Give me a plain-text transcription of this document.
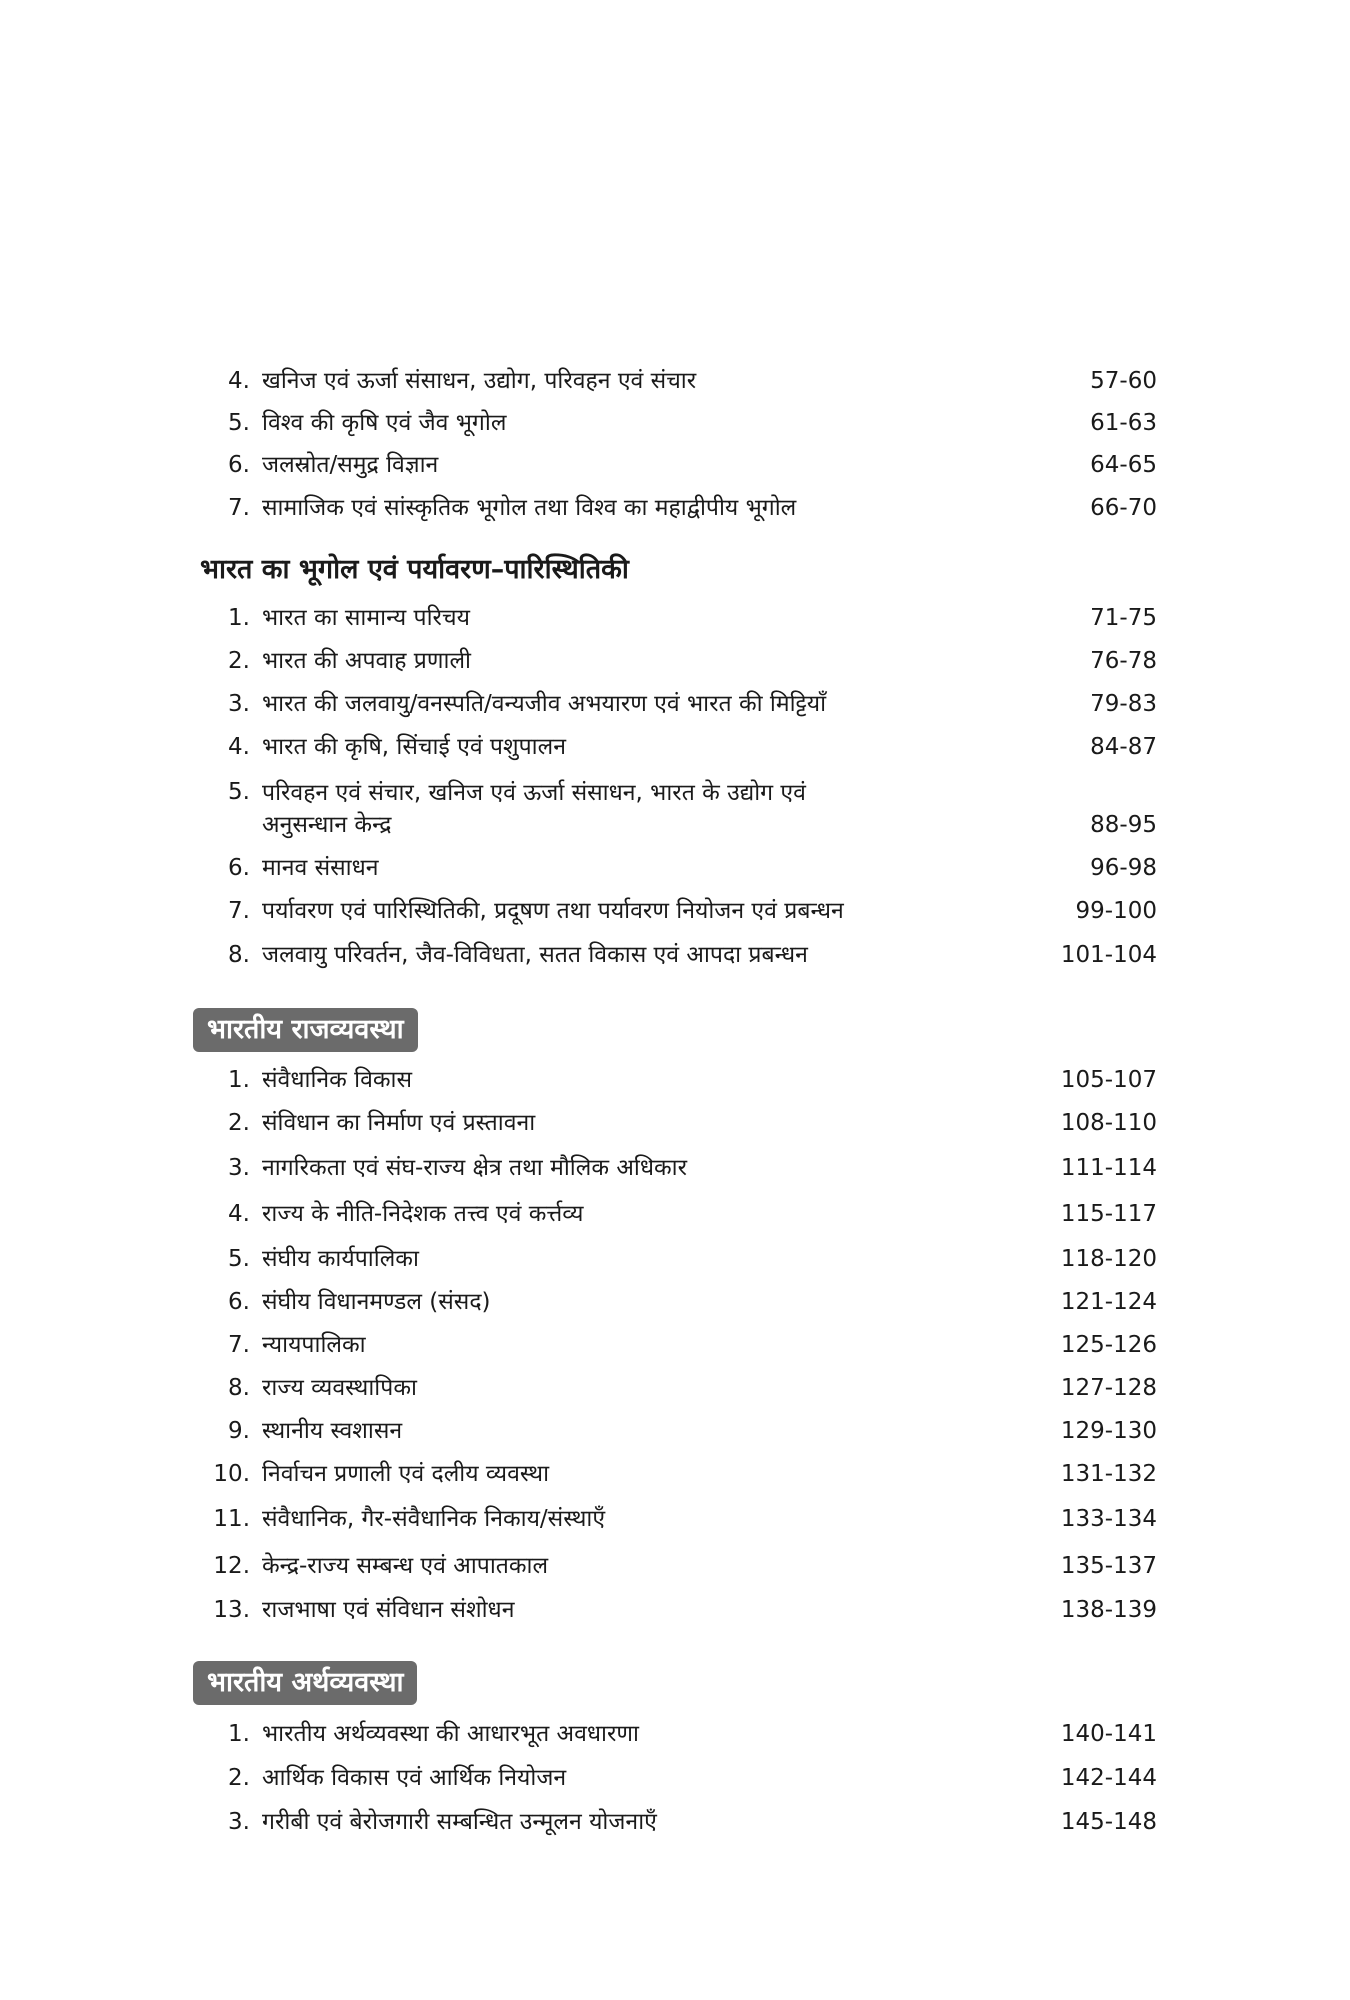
4. खनिज एवं ऊर्जा संसाधन, उद्योग, परिवहन एवं संचार	57-60
5. विश्व की कृषि एवं जैव भूगोल	61-63
6. जलस्रोत/समुद्र विज्ञान	64-65
7. सामाजिक एवं सांस्कृतिक भूगोल तथा विश्व का महाद्वीपीय भूगोल	66-70
भारत का भूगोल एवं पर्यावरण–पारिस्थितिकी
1. भारत का सामान्य परिचय	71-75
2. भारत की अपवाह प्रणाली	76-78
3. भारत की जलवायु/वनस्पति/वन्यजीव अभयारण एवं भारत की मिट्टियाँ	79-83
4. भारत की कृषि, सिंचाई एवं पशुपालन	84-87
5. परिवहन एवं संचार, खनिज एवं ऊर्जा संसाधन, भारत के उद्योग एवं
अनुसन्धान केन्द्र	88-95
6. मानव संसाधन	96-98
7. पर्यावरण एवं पारिस्थितिकी, प्रदूषण तथा पर्यावरण नियोजन एवं प्रबन्धन	99-100
8. जलवायु परिवर्तन, जैव-विविधता, सतत विकास एवं आपदा प्रबन्धन	101-104
भारतीय राजव्यवस्था
1. संवैधानिक विकास	105-107
2. संविधान का निर्माण एवं प्रस्तावना	108-110
3. नागरिकता एवं संघ-राज्य क्षेत्र तथा मौलिक अधिकार	111-114
4. राज्य के नीति-निदेशक तत्त्व एवं कर्त्तव्य	115-117
5. संघीय कार्यपालिका	118-120
6. संघीय विधानमण्डल (संसद)	121-124
7. न्यायपालिका	125-126
8. राज्य व्यवस्थापिका	127-128
9. स्थानीय स्वशासन	129-130
10. निर्वाचन प्रणाली एवं दलीय व्यवस्था	131-132
11. संवैधानिक, गैर-संवैधानिक निकाय/संस्थाएँ	133-134
12. केन्द्र-राज्य सम्बन्ध एवं आपातकाल	135-137
13. राजभाषा एवं संविधान संशोधन	138-139
भारतीय अर्थव्यवस्था
1. भारतीय अर्थव्यवस्था की आधारभूत अवधारणा	140-141
2. आर्थिक विकास एवं आर्थिक नियोजन	142-144
3. गरीबी एवं बेरोजगारी सम्बन्धित उन्मूलन योजनाएँ	145-148
